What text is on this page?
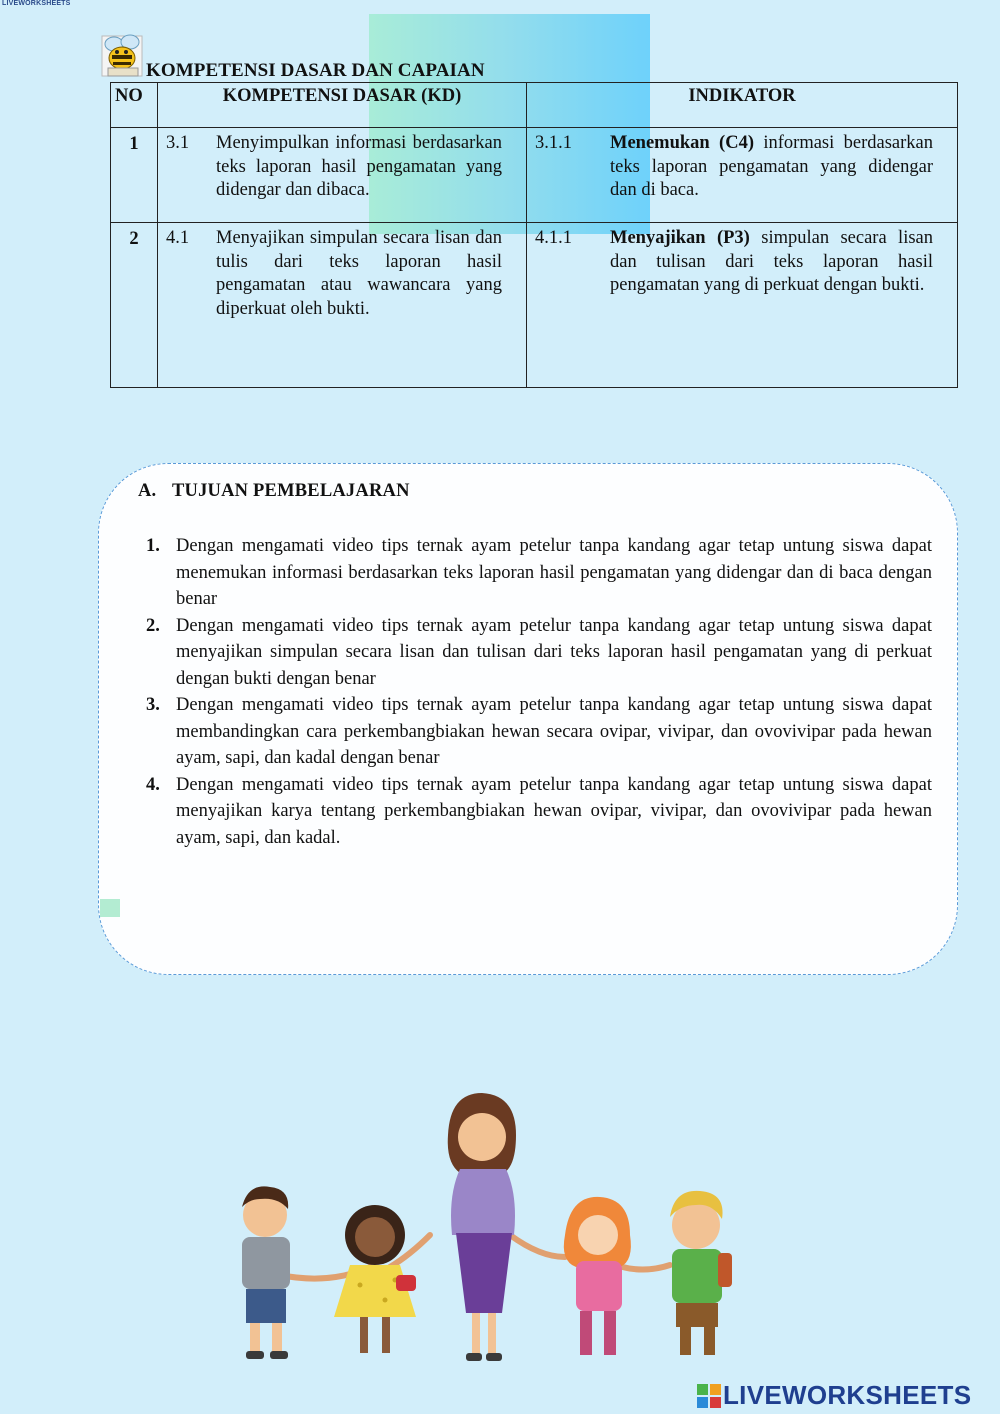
LIVEWORKSHEETS
KOMPETENSI DASAR DAN CAPAIAN
NO	KOMPETENSI DASAR (KD)	INDIKATOR
1	3.1 Menyimpulkan informasi berdasarkan teks laporan hasil pengamatan yang didengar dan dibaca.	3.1.1 Menemukan (C4) informasi berdasarkan teks laporan pengamatan yang didengar dan di baca.

2	4.1 Menyajikan simpulan secara lisan dan tulis dari teks laporan hasil pengamatan atau wawancara yang diperkuat oleh bukti.	4.1.1 Menyajikan (P3) simpulan secara lisan dan tulisan dari teks laporan hasil pengamatan yang di perkuat dengan bukti.
A. TUJUAN PEMBELAJARAN
1. Dengan mengamati video tips ternak ayam petelur tanpa kandang agar tetap untung siswa dapat menemukan informasi berdasarkan teks laporan hasil pengamatan yang didengar dan di baca dengan benar
2. Dengan mengamati video tips ternak ayam petelur tanpa kandang agar tetap untung siswa dapat menyajikan simpulan secara lisan dan tulisan dari teks laporan hasil pengamatan yang di perkuat dengan bukti dengan benar
3. Dengan mengamati video tips ternak ayam petelur tanpa kandang agar tetap untung siswa dapat membandingkan cara perkembangbiakan hewan secara ovipar, vivipar, dan ovovivipar pada hewan ayam, sapi, dan kadal dengan benar
4. Dengan mengamati video tips ternak ayam petelur tanpa kandang agar tetap untung siswa dapat menyajikan karya tentang perkembangbiakan hewan ovipar, vivipar, dan ovovivipar pada hewan ayam, sapi, dan kadal.
LIVEWORKSHEETS
